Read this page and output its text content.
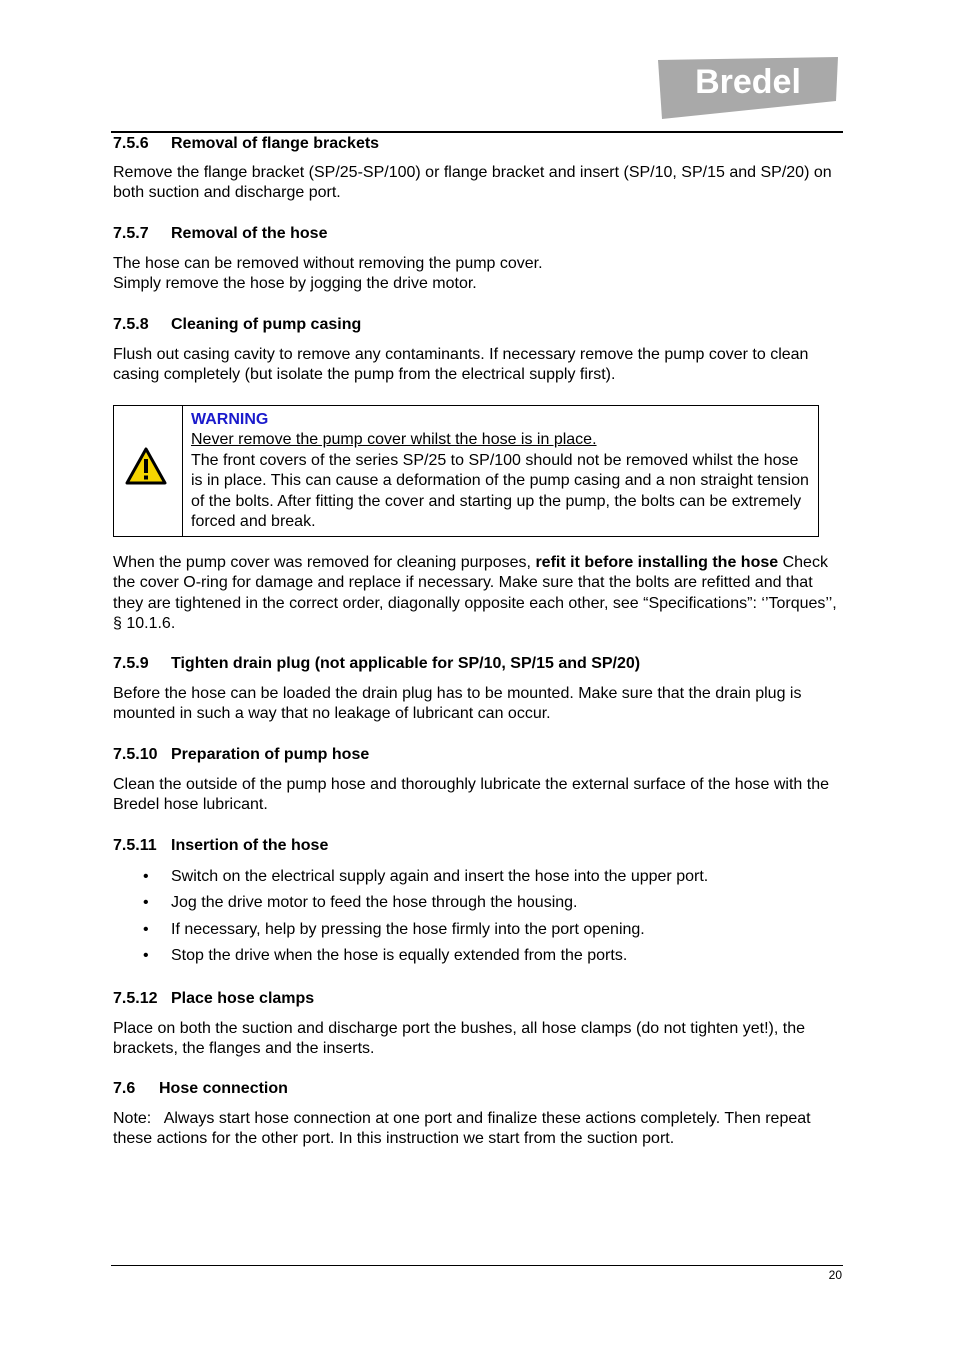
Bredel
7.5.6 Removal of flange brackets

Remove the flange bracket (SP/25-SP/100) or flange bracket and insert (SP/10, SP/15 and SP/20) on both suction and discharge port.

7.5.7 Removal of the hose

The hose can be removed without removing the pump cover.

Simply remove the hose by jogging the drive motor.

7.5.8 Cleaning of pump casing

Flush out casing cavity to remove any contaminants. If necessary remove the pump cover to clean casing completely (but isolate the pump from the electrical supply first).

WARNING

Never remove the pump cover whilst the hose is in place.

The front covers of the series SP/25 to SP/100 should not be removed whilst the hose is in place. This can cause a deformation of the pump casing and a non straight tension of the bolts. After fitting the cover and starting up the pump, the bolts can be extremely forced and break.

When the pump cover was removed for cleaning purposes, refit it before installing the hose Check the cover O-ring for damage and replace if necessary. Make sure that the bolts are refitted and that they are tightened in the correct order, diagonally opposite each other, see “Specifications”: ‘’Torques’’, § 10.1.6.

7.5.9 Tighten drain plug (not applicable for SP/10, SP/15 and SP/20)

Before the hose can be loaded the drain plug has to be mounted. Make sure that the drain plug is mounted in such a way that no leakage of lubricant can occur.

7.5.10 Preparation of pump hose

Clean the outside of the pump hose and thoroughly lubricate the external surface of the hose with the Bredel hose lubricant.

7.5.11 Insertion of the hose
• Switch on the electrical supply again and insert the hose into the upper port.
• Jog the drive motor to feed the hose through the housing.
• If necessary, help by pressing the hose firmly into the port opening.
• Stop the drive when the hose is equally extended from the ports.
7.5.12 Place hose clamps

Place on both the suction and discharge port the bushes, all hose clamps (do not tighten yet!), the brackets, the flanges and the inserts.

7.6 Hose connection

Note:   Always start hose connection at one port and finalize these actions completely. Then repeat these actions for the other port. In this instruction we start from the suction port.

20
